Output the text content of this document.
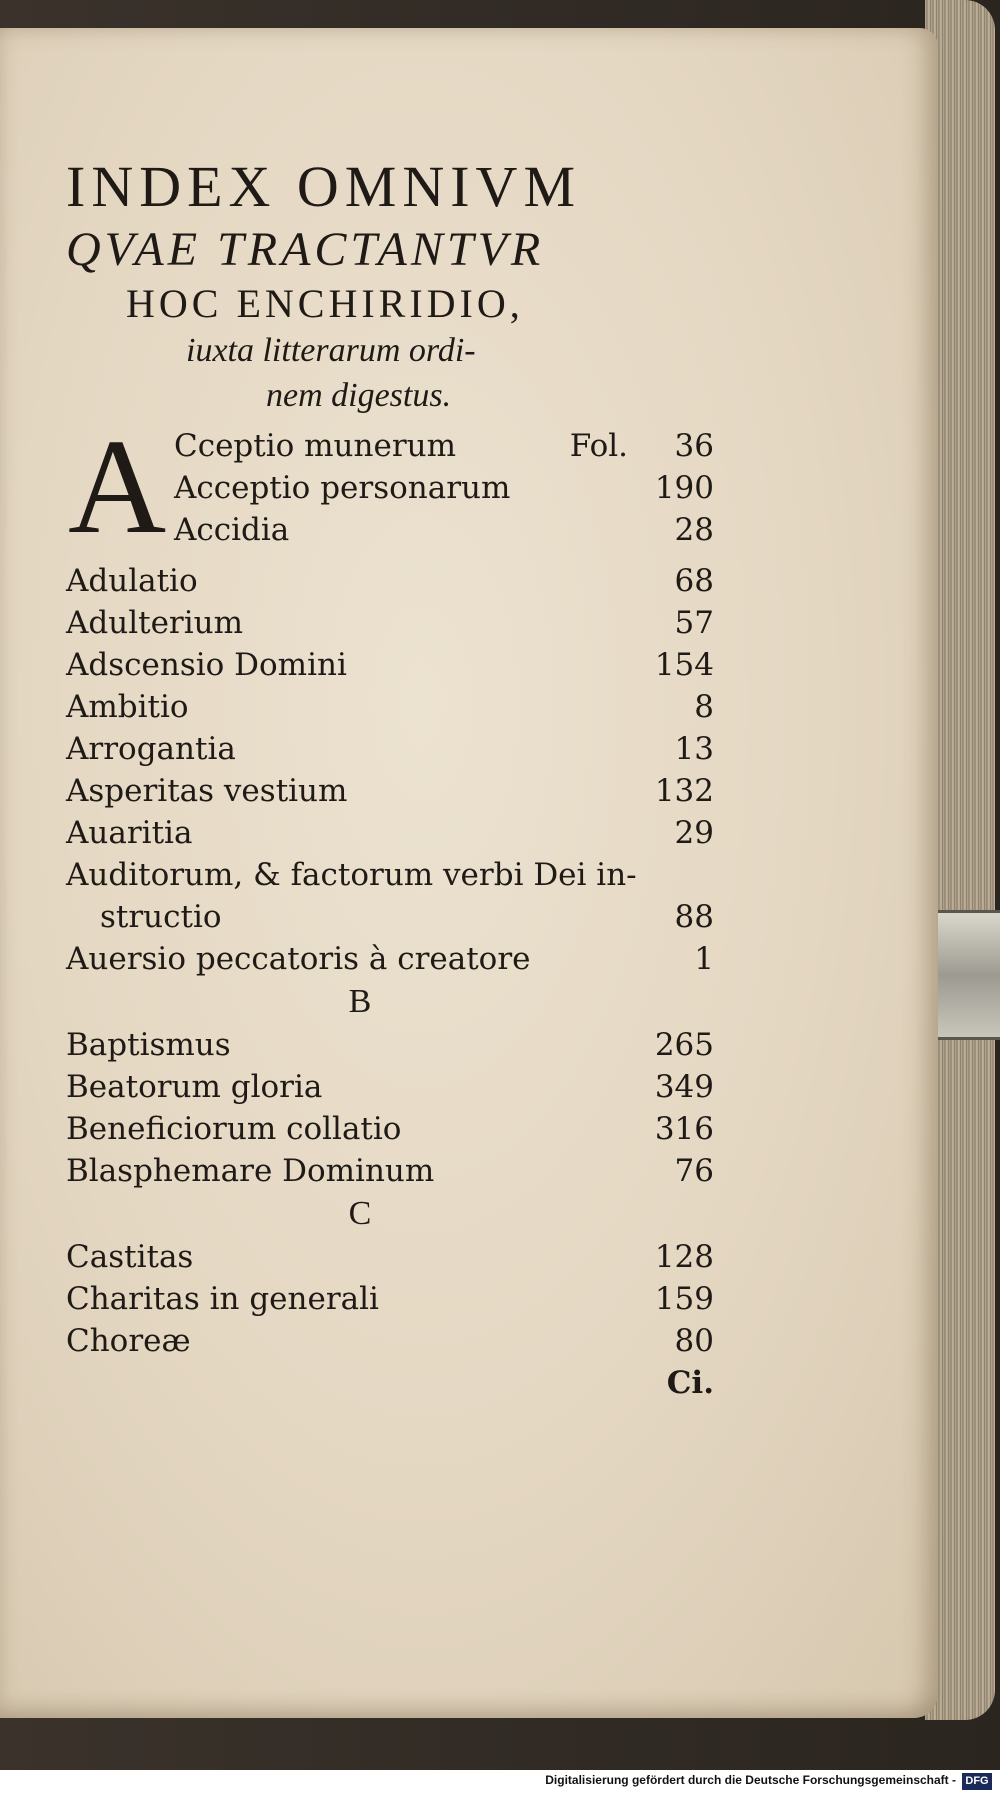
INDEX OMNIVM
QVAE TRACTANTVR
HOC ENCHIRIDIO,
iuxta litterarum ordi-
nem digestus.
A Cceptio munerum	Fol.	36
Acceptio personarum	190
Accidia	28
Adulatio	68
Adulterium	57
Adscensio Domini	154
Ambitio	8
Arrogantia	13
Asperitas vestium	132
Auaritia	29
Auditorum, & factorum verbi Dei in-
structio	88
Auersio peccatoris à creatore	1
B
Baptismus	265
Beatorum gloria	349
Beneficiorum collatio	316
Blasphemare Dominum	76
C
Castitas	128
Charitas in generali	159
Choreæ	80
Ci.
Digitalisierung gefördert durch die Deutsche Forschungsgemeinschaft - DFG
